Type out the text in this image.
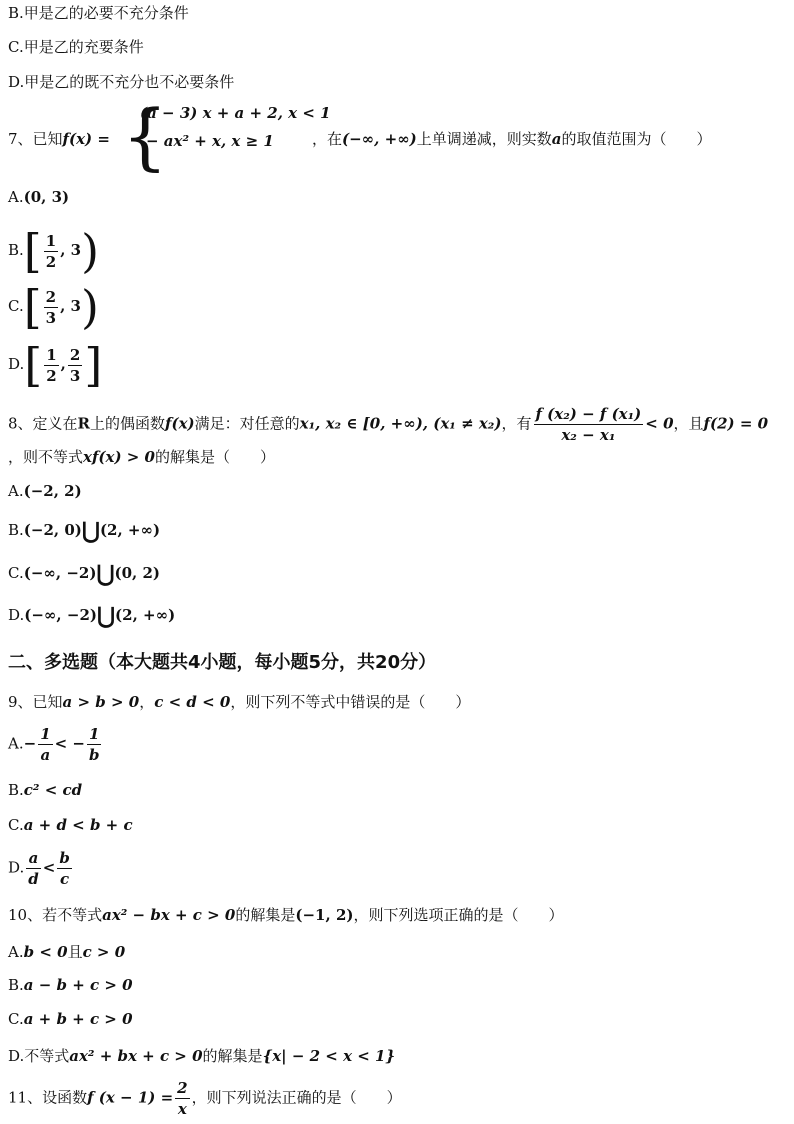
B.甲是乙的必要不充分条件
C.甲是乙的充要条件
D.甲是乙的既不充分也不必要条件
7、已知f(x) = {
(a − 3) x + a + 2, x < 1
− ax² + x, x ≥ 1	，在(−∞, +∞)上单调递减，则实数a的取值范围为（　　）
A.(0, 3)
$B.[ \frac{1}{2}$ , 3)
$C.[ \frac{2}{3}$ , 3)
$D.[ \frac{1}{2}$ , $\frac{2}{3}$ ]
8、定义在R上的偶函数f(x)满足：对任意的x₁, x₂ ∈ [0, +∞), (x₁ ≠ x₂)，有 $\frac{\text{f (x₂) − f (x₁)}}{\text{x₂ − x₁}} < 0$，且f(2) = 0
，则不等式xf(x) > 0的解集是（　　）
A.(−2, 2)
B.(−2, 0)⋃(2, +∞)
C.(−∞, −2)⋃(0, 2)
D.(−∞, −2)⋃(2, +∞)
二、多选题（本大题共4小题，每小题5分，共20分）
9、已知a > b > 0，c < d < 0，则下列不等式中错误的是（　　）
$A.- \frac{1}{a}$ < − $\frac{1}{b}$
B.c² < cd
C.a + d < b + c
D. $\frac{a}{d} < \frac{b}{c}$
10、若不等式ax² − bx + c > 0的解集是(−1, 2)，则下列选项正确的是（　　）
A.b < 0且c > 0
B.a − b + c > 0
C.a + b + c > 0
D.不等式ax² + bx + c > 0的解集是{x| − 2 < x < 1}
11、设函数f $(x - 1) = \frac{2}{x}$ ，则下列说法正确的是（　　）
